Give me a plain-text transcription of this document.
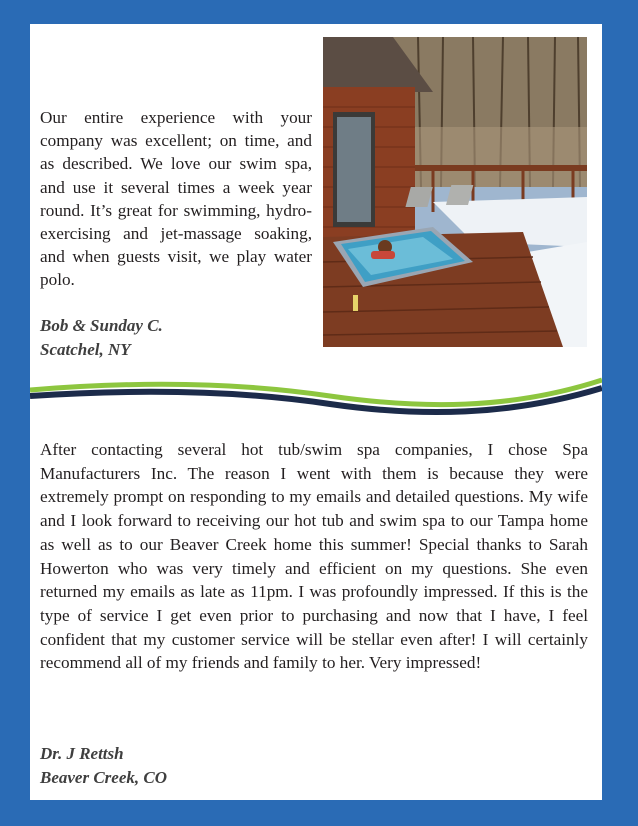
Our entire experience with your company was excellent; on time, and as described. We love our swim spa, and use it several times a week year round. It’s great for swimming, hydro-exercising and jet-massage soaking, and when guests visit, we play water polo.

Bob & Sunday C.
Scatchel, NY

After contacting several hot tub/swim spa companies, I chose Spa Manufacturers Inc. The reason I went with them is because they were extremely prompt on responding to my emails and detailed questions. My wife and I look forward to receiving our hot tub and swim spa to our Tampa home as well as to our Beaver Creek home this summer! Special thanks to Sarah Howerton who was very timely and efficient on my questions. She even returned my emails as late as 11pm. I was profoundly impressed. If this is the type of service I get even prior to purchasing and now that I have, I feel confident that my customer service will be stellar even after! I will certainly recommend all of my friends and family to her. Very impressed!

Dr. J Rettsh
Beaver Creek, CO
